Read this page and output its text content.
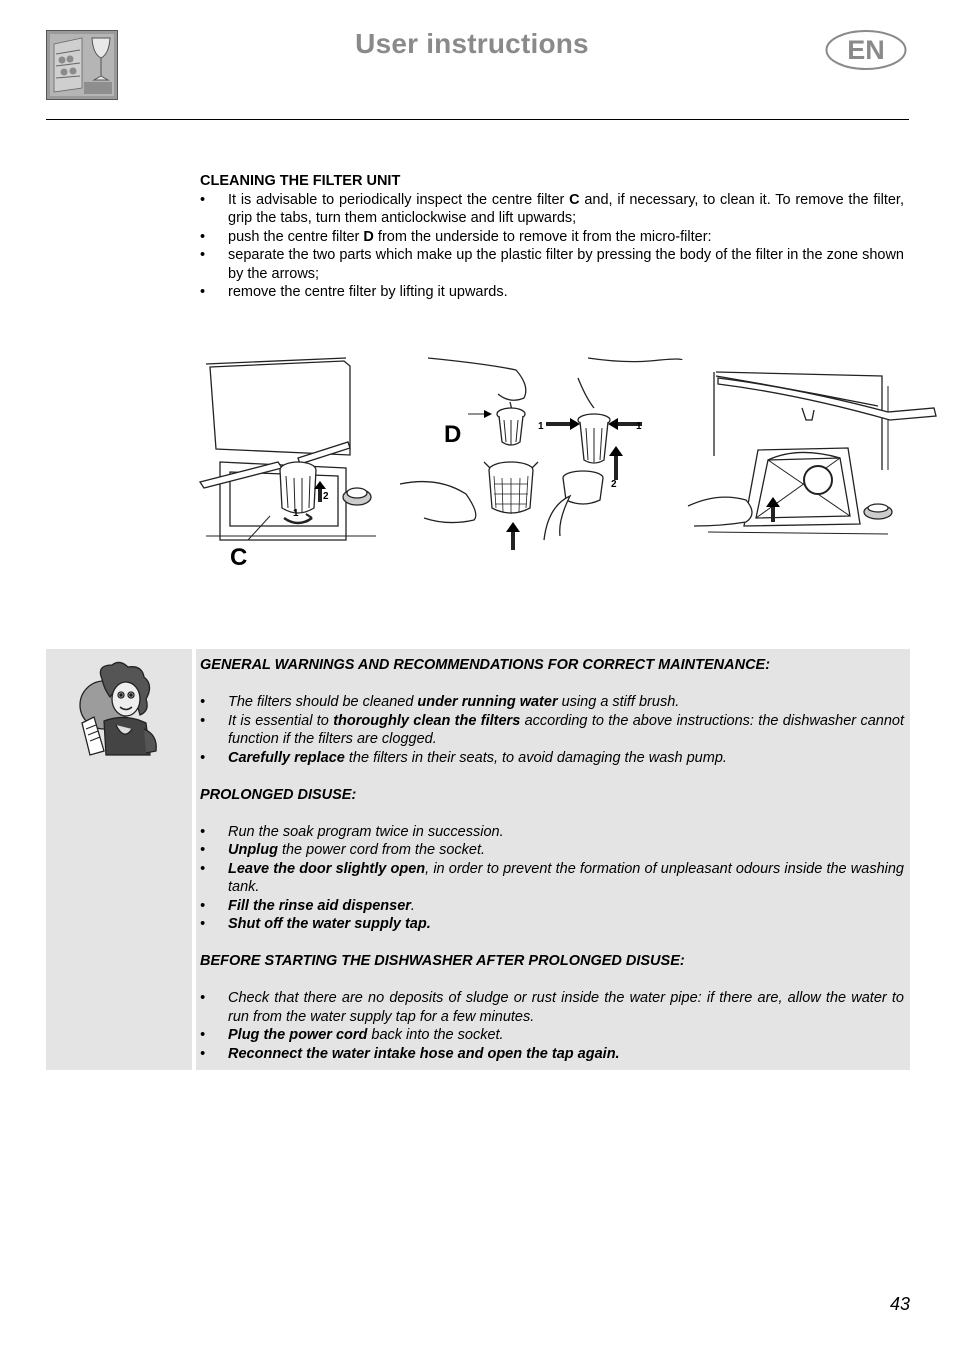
User instructions	EN
CLEANING THE FILTER UNIT
• It is advisable to periodically inspect the centre filter C and, if necessary, to clean it. To remove the filter, grip the tabs, turn them anticlockwise and lift upwards;
• push the centre filter D from the underside to remove it from the micro-filter:
• separate the two parts which make up the plastic filter by pressing the body of the filter in the zone shown by the arrows;
• remove the centre filter by lifting it upwards.
C
1
2
D	1	1
2
GENERAL WARNINGS AND RECOMMENDATIONS FOR CORRECT MAINTENANCE:
• The filters should be cleaned under running water using a stiff brush.
• It is essential to thoroughly clean the filters according to the above instructions: the dishwasher cannot function if the filters are clogged.
• Carefully replace the filters in their seats, to avoid damaging the wash pump.
PROLONGED DISUSE:
• Run the soak program twice in succession.
• Unplug the power cord from the socket.
• Leave the door slightly open, in order to prevent the formation of unpleasant odours inside the washing tank.
• Fill the rinse aid dispenser.
• Shut off the water supply tap.
BEFORE STARTING THE DISHWASHER AFTER PROLONGED DISUSE:
• Check that there are no deposits of sludge or rust inside the water pipe: if there are, allow the water to run from the water supply tap for a few minutes.
• Plug the power cord back into the socket.
• Reconnect the water intake hose and open the tap again.
43
